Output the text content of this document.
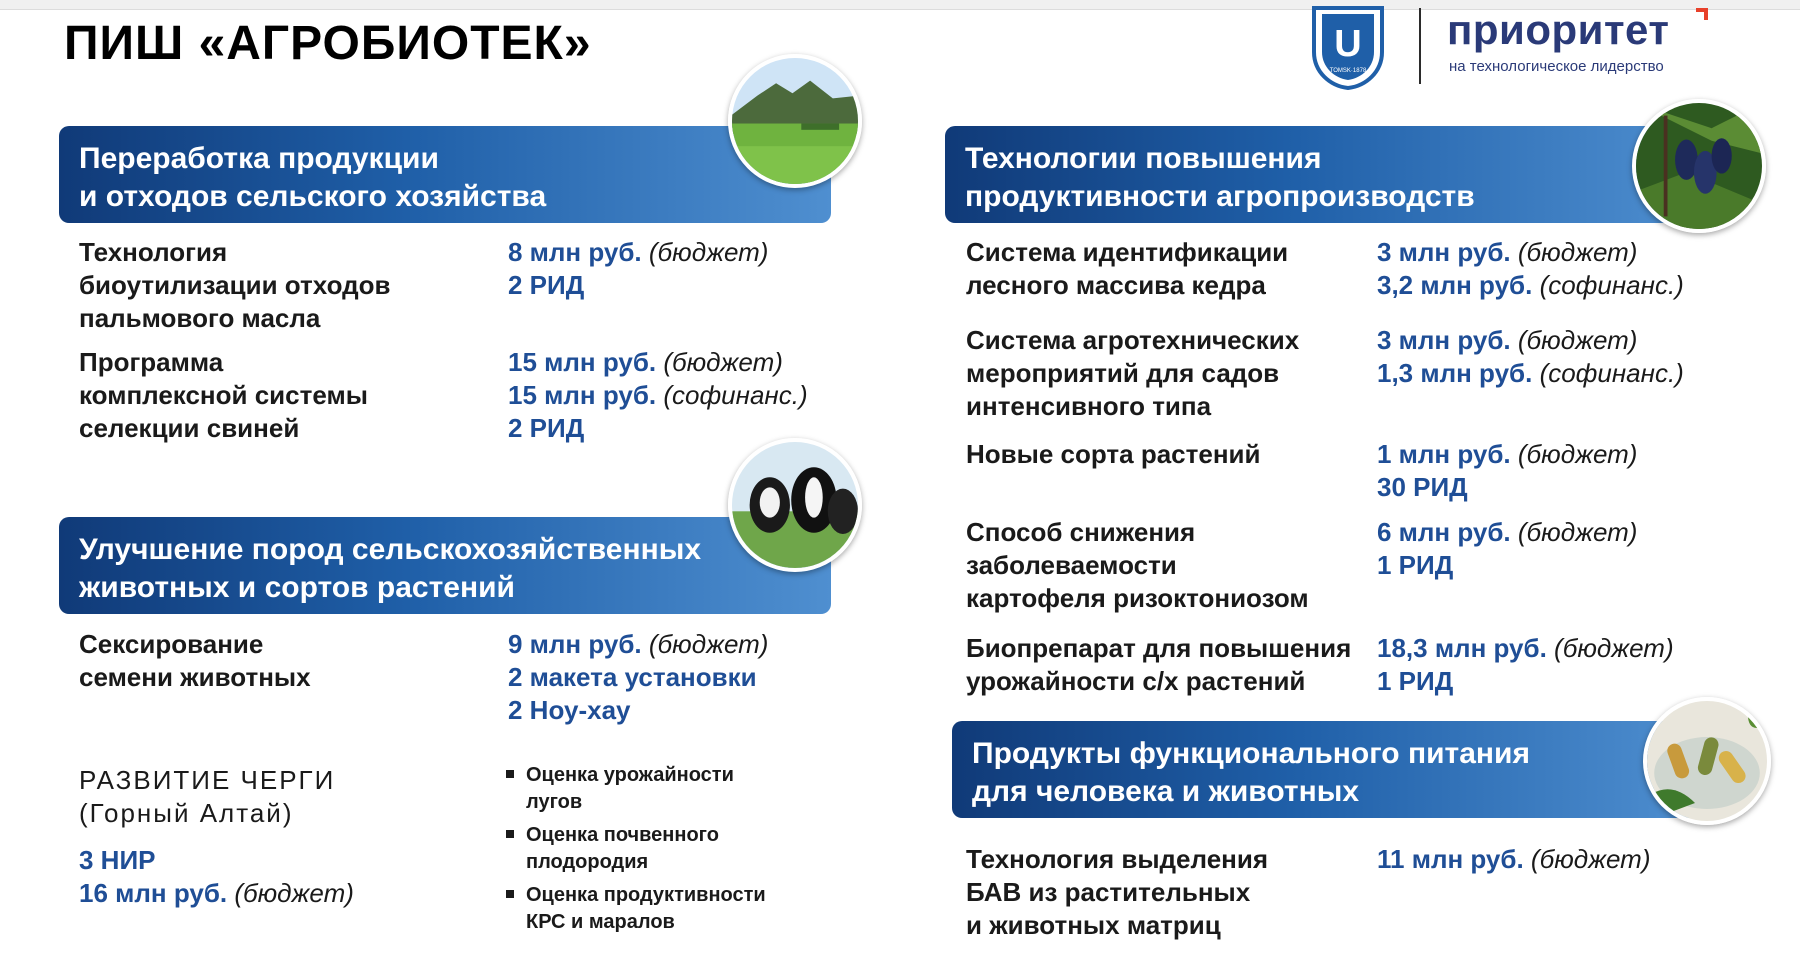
ПИШ «АГРОБИОТЕК»	U
TOMSK·1878
приоритет
на технологическое лидерство
Переработка продукции
и отходов сельского хозяйства
Технология
биоутилизации отходов
пальмового масла
8 млн руб. (бюджет)
2 РИД
Программа
комплексной системы
селекции свиней
15 млн руб. (бюджет)
15 млн руб. (софинанс.)
2 РИД
Улучшение пород сельскохозяйственных
животных и сортов растений
Сексирование
семени животных
9 млн руб. (бюджет)
2 макета установки
2 Ноу-хау
РАЗВИТИЕ ЧЕРГИ
(Горный Алтай)
3 НИР
16 млн руб. (бюджет)
Оценка урожайности
лугов
Оценка почвенного
плодородия
Оценка продуктивности
КРС и маралов
Технологии повышения
продуктивности агропроизводств
Система идентификации
лесного массива кедра
3 млн руб. (бюджет)
3,2 млн руб. (софинанс.)
Система агротехнических
мероприятий для садов
интенсивного типа
3 млн руб. (бюджет)
1,3 млн руб. (софинанс.)
Новые сорта растений	1 млн руб. (бюджет)
30 РИД
Способ снижения
заболеваемости
картофеля ризоктониозом
6 млн руб. (бюджет)
1 РИД
Биопрепарат для повышения
урожайности с/х растений
18,3 млн руб. (бюджет)
1 РИД
Продукты функционального питания
для человека и животных
Технология выделения
БАВ из растительных
и животных матриц
11 млн руб. (бюджет)
